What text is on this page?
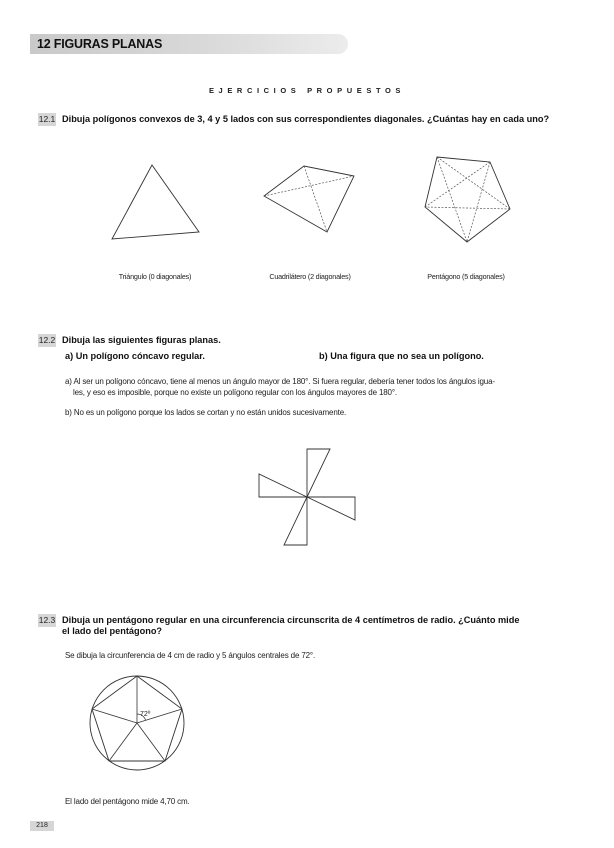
12 FIGURAS PLANAS
EJERCICIOS PROPUESTOS
12.1 Dibuja polígonos convexos de 3, 4 y 5 lados con sus correspondientes diagonales. ¿Cuántas hay en cada uno?
Triángulo (0 diagonales)	Cuadrilátero (2 diagonales)	Pentágono (5 diagonales)
12.2 Dibuja las siguientes figuras planas.
a) Un polígono cóncavo regular.	b) Una figura que no sea un polígono.
a) Al ser un polígono cóncavo, tiene al menos un ángulo mayor de 180°. Si fuera regular, debería tener todos los ángulos igua-
les, y eso es imposible, porque no existe un polígono regular con los ángulos mayores de 180°.
b) No es un polígono porque los lados se cortan y no están unidos sucesivamente.
12.3 Dibuja un pentágono regular en una circunferencia circunscrita de 4 centímetros de radio. ¿Cuánto mide
el lado del pentágono?
Se dibuja la circunferencia de 4 cm de radio y 5 ángulos centrales de 72°.
72º
El lado del pentágono mide 4,70 cm.
218
